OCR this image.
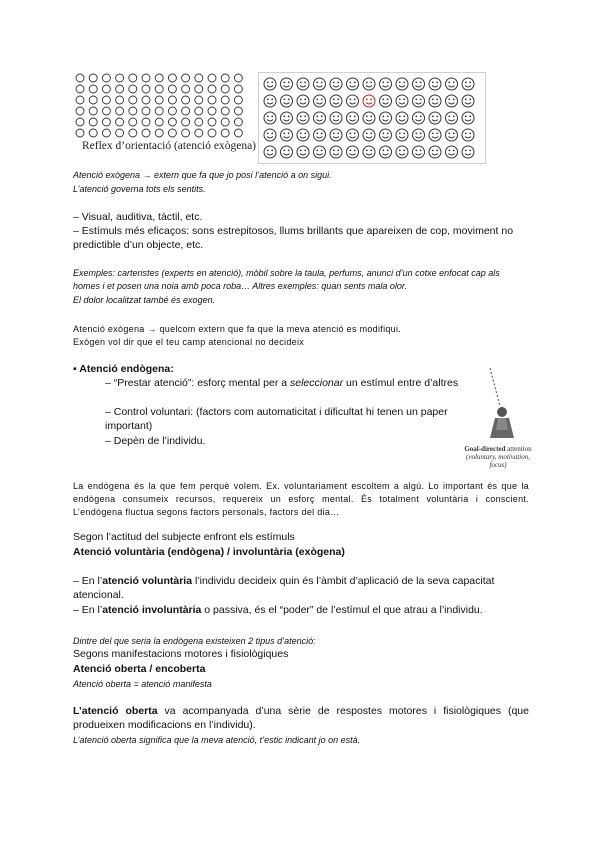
Reflex d’orientació (atenció exògena)
Atenció exògena → extern que fa que jo posi l’atenció a on sigui.
L’atenció governa tots els sentits.
– Visual, auditiva, tàctil, etc.
– Estímuls més eficaços: sons estrepitosos, llums brillants que apareixen de cop, moviment no predictible d’un objecte, etc.
Exemples: carteristes (experts en atenció), mòbil sobre la taula, perfums, anunci d’un cotxe enfocat cap als homes i et posen una noia amb poca roba… Altres exemples: quan sents mala olor.
El dolor localitzat també és exogen.
Atenció exògena → quelcom extern que fa que la meva atenció es modifiqui.
Exògen vol dir que el teu camp atencional no decideix
▪ Atenció endògena:
– “Prestar atenció”: esforç mental per a seleccionar un estímul entre d’altres
– Control voluntari: (factors com automaticitat i dificultat hi tenen un paper important)
– Depèn de l’individu.
Goal-directed attention
(voluntary, motivation, focus)
La endògena és la que fem perquè volem. Ex. voluntariament escoltem a algú. Lo important és que la endògena consumeix recursos, requereix un esforç mental. És totalment voluntària i conscient. L’endògena fluctua segons factors personals, factors del dia…
Segon l’actitud del subjecte enfront els estímuls
Atenció voluntària (endògena) / involuntària (exògena)
– En l’atenció voluntària l’individu decideix quin és l’àmbit d’aplicació de la seva capacitat atencional.
– En l’atenció involuntària o passiva, és el “poder” de l’estímul el que atrau a l’individu.
Dintre del que seria la endògena existeixen 2 tipus d’atenció:
Segons manifestacions motores i fisiològiques
Atenció oberta / encoberta
Atenció oberta = atenció manifesta
L’atenció oberta va acompanyada d’una sèrie de respostes motores i fisiològiques (que produeixen modificacions en l’individu).
L’atenció oberta significa que la meva atenció, t’estic indicant jo on està.
